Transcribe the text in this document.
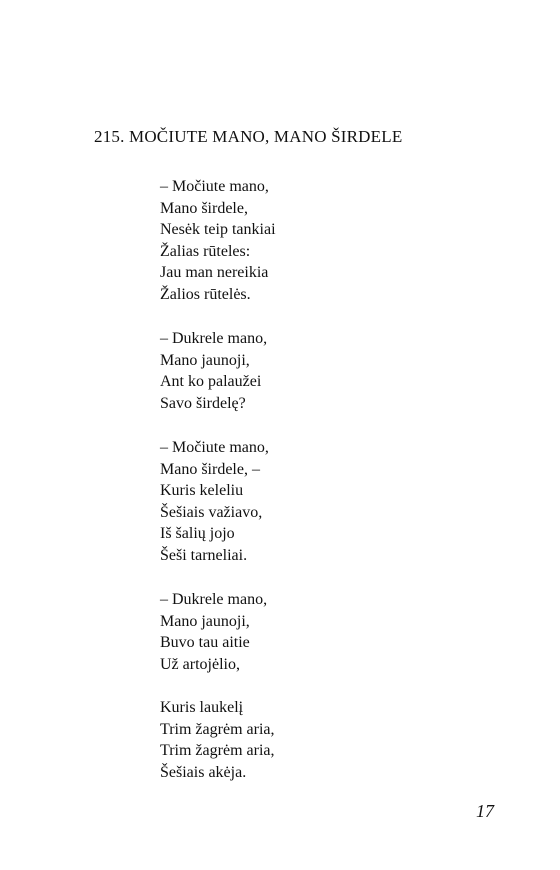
215. MOČIUTE MANO, MANO ŠIRDELE
– Močiute mano,
Mano širdele,
Nesėk teip tankiai
Žalias rūteles:
Jau man nereikia
Žalios rūtelės.
– Dukrele mano,
Mano jaunoji,
Ant ko palaužei
Savo širdelę?
– Močiute mano,
Mano širdele, –
Kuris keleliu
Šešiais važiavo,
Iš šalių jojo
Šeši tarneliai.
– Dukrele mano,
Mano jaunoji,
Buvo tau aitie
Už artojėlio,
Kuris laukelį
Trim žagrėm aria,
Trim žagrėm aria,
Šešiais akėja.
17
